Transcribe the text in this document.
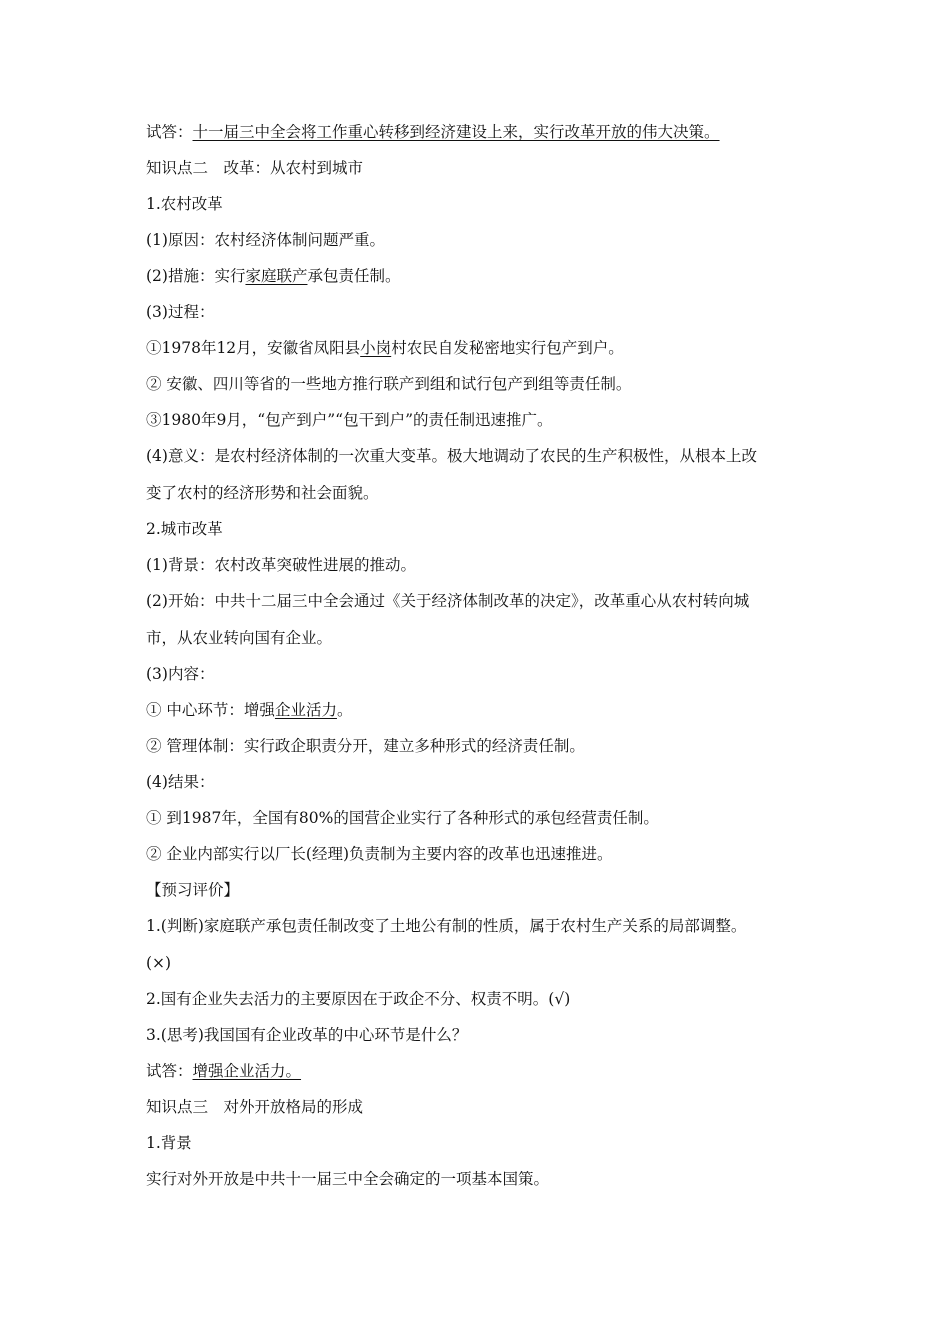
试答：十一届三中全会将工作重心转移到经济建设上来，实行改革开放的伟大决策。
知识点二　改革：从农村到城市
1.农村改革
(1)原因：农村经济体制问题严重。
(2)措施：实行家庭联产承包责任制。
(3)过程：
①1978年12月，安徽省凤阳县小岗村农民自发秘密地实行包产到户。
② 安徽、四川等省的一些地方推行联产到组和试行包产到组等责任制。
③1980年9月，“包产到户”“包干到户”的责任制迅速推广。
(4)意义：是农村经济体制的一次重大变革。极大地调动了农民的生产积极性，从根本上改
变了农村的经济形势和社会面貌。
2.城市改革
(1)背景：农村改革突破性进展的推动。
(2)开始：中共十二届三中全会通过《关于经济体制改革的决定》，改革重心从农村转向城
市，从农业转向国有企业。
(3)内容：
① 中心环节：增强企业活力。
② 管理体制：实行政企职责分开，建立多种形式的经济责任制。
(4)结果：
① 到1987年，全国有80%的国营企业实行了各种形式的承包经营责任制。
② 企业内部实行以厂长(经理)负责制为主要内容的改革也迅速推进。
【预习评价】
1.(判断)家庭联产承包责任制改变了土地公有制的性质，属于农村生产关系的局部调整。
(×)
2.国有企业失去活力的主要原因在于政企不分、权责不明。(√)
3.(思考)我国国有企业改革的中心环节是什么？
试答：增强企业活力。
知识点三　对外开放格局的形成
1.背景
实行对外开放是中共十一届三中全会确定的一项基本国策。
